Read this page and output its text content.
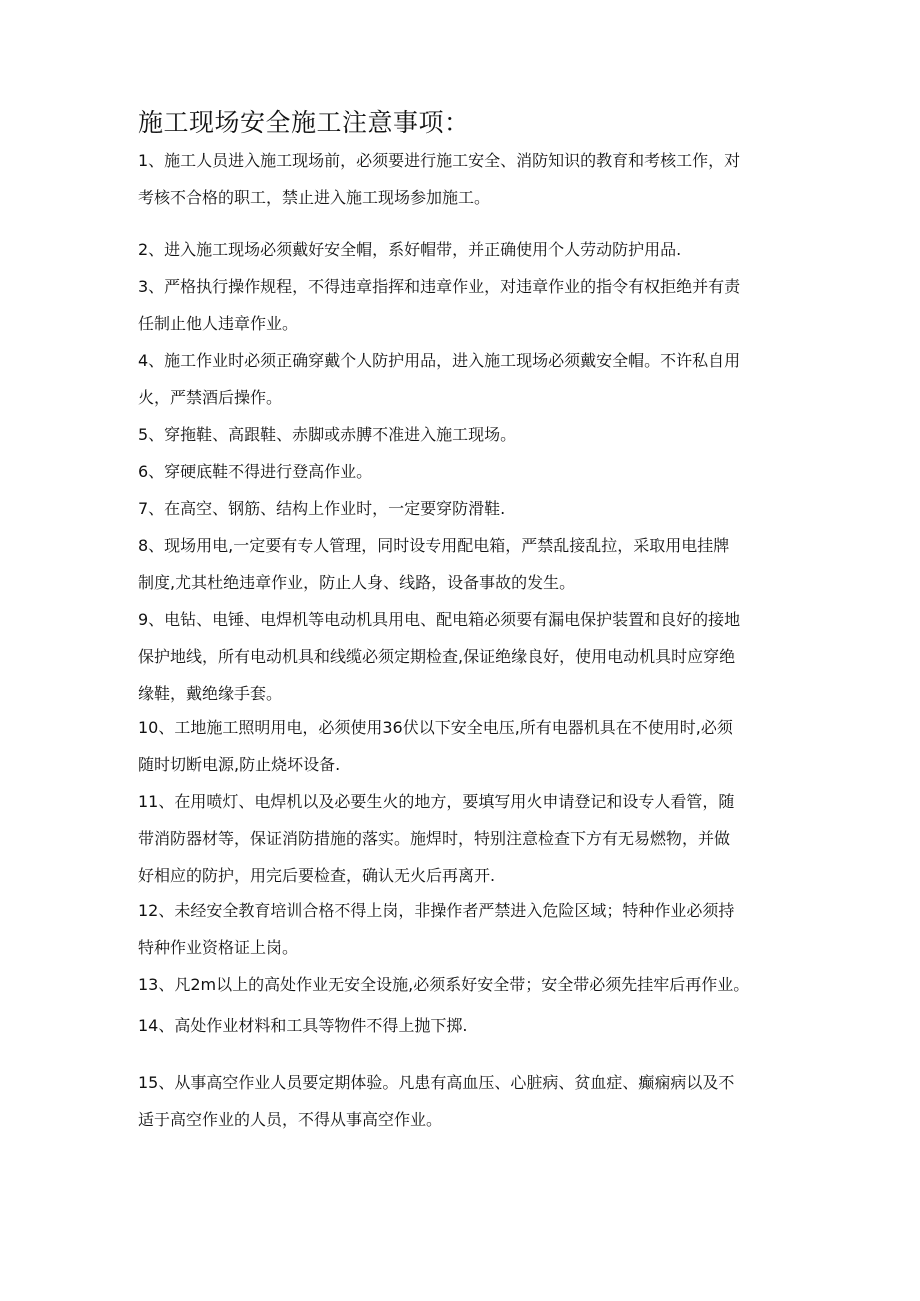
施工现场安全施工注意事项：
1、施工人员进入施工现场前，必须要进行施工安全、消防知识的教育和考核工作，对
考核不合格的职工，禁止进入施工现场参加施工。
2、进入施工现场必须戴好安全帽，系好帽带，并正确使用个人劳动防护用品.
3、严格执行操作规程，不得违章指挥和违章作业，对违章作业的指令有权拒绝并有责
任制止他人违章作业。
4、施工作业时必须正确穿戴个人防护用品，进入施工现场必须戴安全帽。不许私自用
火，严禁酒后操作。
5、穿拖鞋、高跟鞋、赤脚或赤膊不准进入施工现场。
6、穿硬底鞋不得进行登高作业。
7、在高空、钢筋、结构上作业时，一定要穿防滑鞋.
8、现场用电,一定要有专人管理，同时设专用配电箱，严禁乱接乱拉，采取用电挂牌
制度,尤其杜绝违章作业，防止人身、线路，设备事故的发生。
9、电钻、电锤、电焊机等电动机具用电、配电箱必须要有漏电保护装置和良好的接地
保护地线，所有电动机具和线缆必须定期检查,保证绝缘良好，使用电动机具时应穿绝
缘鞋，戴绝缘手套。
10、工地施工照明用电，必须使用36伏以下安全电压,所有电器机具在不使用时,必须
随时切断电源,防止烧坏设备.
11、在用喷灯、电焊机以及必要生火的地方，要填写用火申请登记和设专人看管，随
带消防器材等，保证消防措施的落实。施焊时，特别注意检查下方有无易燃物，并做
好相应的防护，用完后要检查，确认无火后再离开.
12、未经安全教育培训合格不得上岗，非操作者严禁进入危险区域；特种作业必须持
特种作业资格证上岗。
13、凡2m以上的高处作业无安全设施,必须系好安全带；安全带必须先挂牢后再作业。
14、高处作业材料和工具等物件不得上抛下掷.
15、从事高空作业人员要定期体验。凡患有高血压、心脏病、贫血症、癫痫病以及不
适于高空作业的人员，不得从事高空作业。
